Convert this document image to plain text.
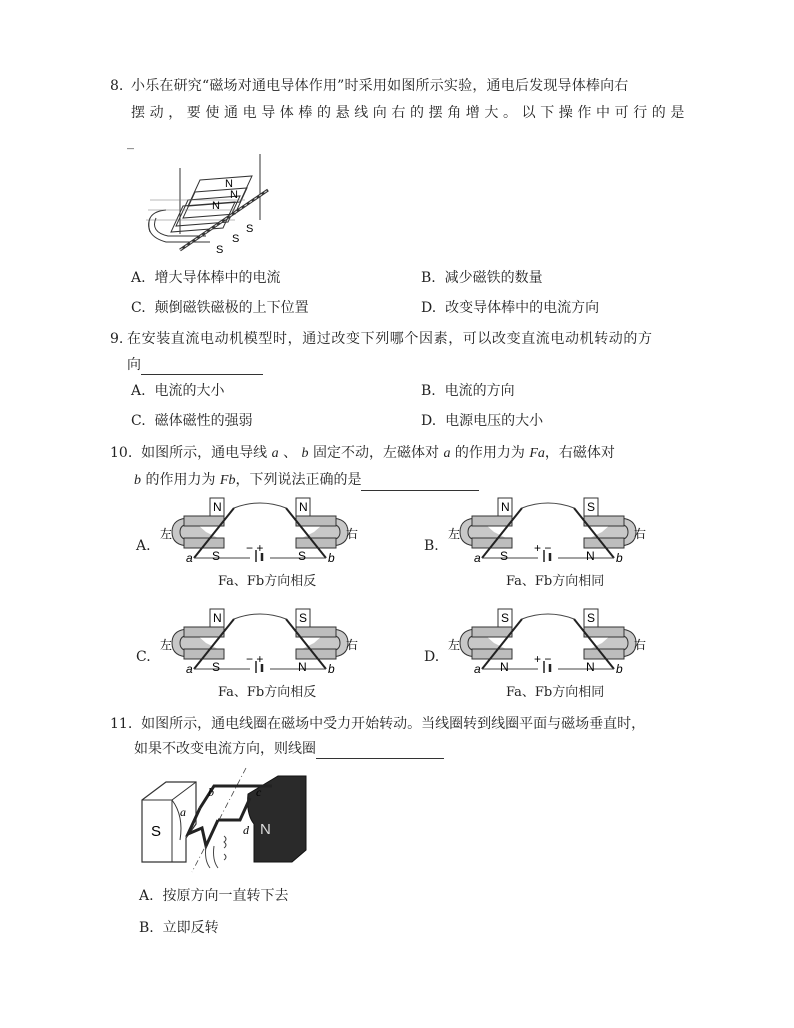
8. 小乐在研究“磁场对通电导体作用”时采用如图所示实验，通电后发现导体棒向右
摆动，要使通电导体棒的悬线向右的摆角增大。以下操作中可行的是
_
N
N
N
S
S
S
A. 增大导体棒中的电流	B. 减少磁铁的数量
C. 颠倒磁铁磁极的上下位置	D. 改变导体棒中的电流方向
9. 在安装直流电动机模型时，通过改变下列哪个因素，可以改变直流电动机转动的方
向
A. 电流的大小	B. 电流的方向
C. 磁体磁性的强弱	D. 电源电压的大小
10. 如图所示，通电导线 a 、 b 固定不动，左磁体对 a 的作用力为 Fa，右磁体对
b 的作用力为 Fb，下列说法正确的是
A.
左	右
N	N
S	S
− +
a	b
Fa、Fb方向相反
B.
左	右
N	S
S	N
+ −
a	b
Fa、Fb方向相同
C.
左	右
N	S
S	N
− +
a	b
Fa、Fb方向相反
D.
左	右
S	S
N	N
+ −
a	b
Fa、Fb方向相同
11. 如图所示，通电线圈在磁场中受力开始转动。当线圈转到线圈平面与磁场垂直时，
如果不改变电流方向，则线圈
S	N
b
a
c
d
A. 按原方向一直转下去
B. 立即反转
